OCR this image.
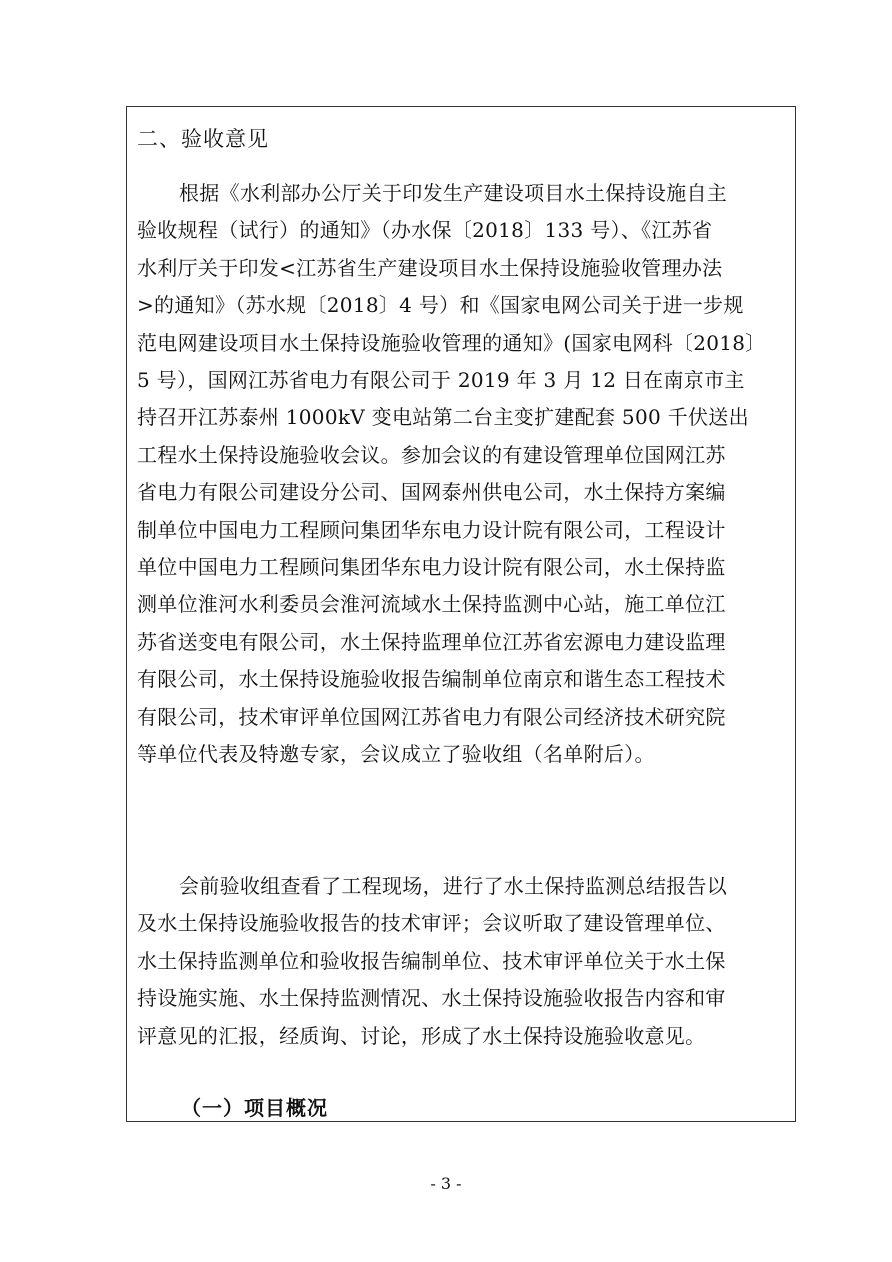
二、验收意见

根据《水利部办公厅关于印发生产建设项目水土保持设施自主
验收规程（试行）的通知》（办水保〔2018〕133 号）、《江苏省
水利厅关于印发<江苏省生产建设项目水土保持设施验收管理办法
>的通知》（苏水规〔2018〕4 号）和《国家电网公司关于进一步规
范电网建设项目水土保持设施验收管理的通知》(国家电网科〔2018〕
5 号），国网江苏省电力有限公司于 2019 年 3 月 12 日在南京市主
持召开江苏泰州 1000kV 变电站第二台主变扩建配套 500 千伏送出
工程水土保持设施验收会议。参加会议的有建设管理单位国网江苏
省电力有限公司建设分公司、国网泰州供电公司，水土保持方案编
制单位中国电力工程顾问集团华东电力设计院有限公司，工程设计
单位中国电力工程顾问集团华东电力设计院有限公司，水土保持监
测单位淮河水利委员会淮河流域水土保持监测中心站，施工单位江
苏省送变电有限公司，水土保持监理单位江苏省宏源电力建设监理
有限公司，水土保持设施验收报告编制单位南京和谐生态工程技术
有限公司，技术审评单位国网江苏省电力有限公司经济技术研究院
等单位代表及特邀专家，会议成立了验收组（名单附后）。

会前验收组查看了工程现场，进行了水土保持监测总结报告以
及水土保持设施验收报告的技术审评；会议听取了建设管理单位、
水土保持监测单位和验收报告编制单位、技术审评单位关于水土保
持设施实施、水土保持监测情况、水土保持设施验收报告内容和审
评意见的汇报，经质询、讨论，形成了水土保持设施验收意见。

（一）项目概况
- 3 -
